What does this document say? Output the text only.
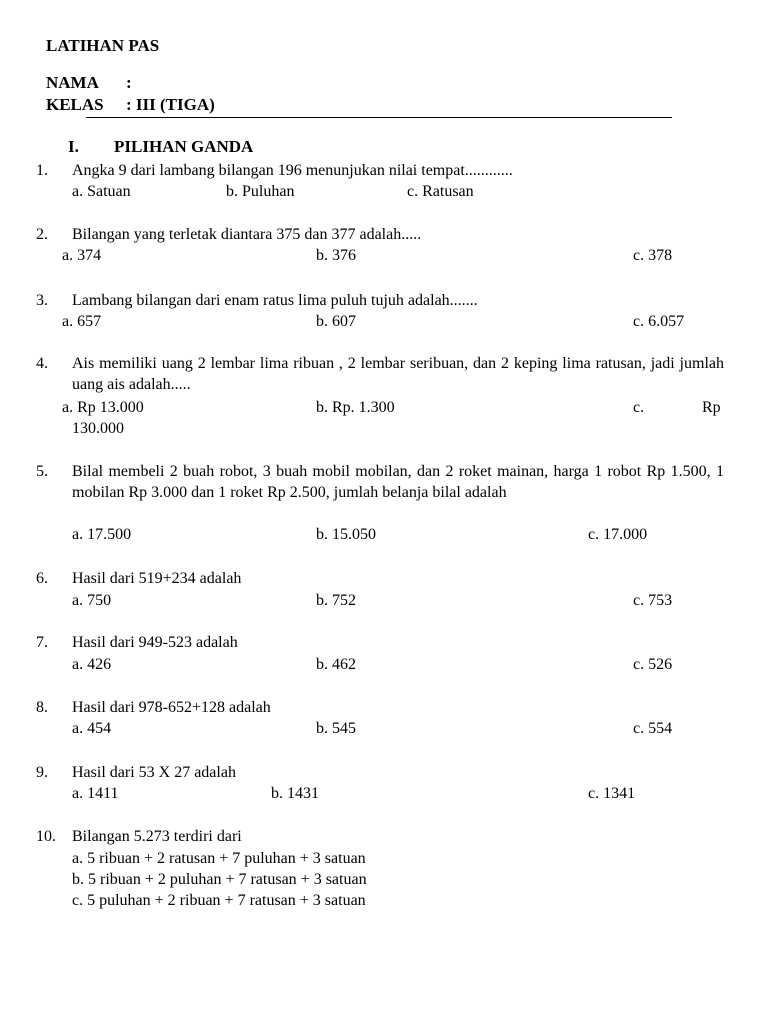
LATIHAN PAS
NAMA :
KELAS : III (TIGA)
I. PILIHAN GANDA
1. Angka 9 dari lambang bilangan 196 menunjukan nilai tempat............
a. Satuan	b. Puluhan	c. Ratusan
2. Bilangan yang terletak diantara 375 dan 377 adalah.....
a. 374	b. 376	c. 378
3. Lambang bilangan dari enam ratus lima puluh tujuh adalah.......
a. 657	b. 607	c. 6.057
4. Ais memiliki uang 2 lembar lima ribuan , 2 lembar seribuan, dan 2 keping lima ratusan, jadi jumlah uang ais adalah.....
a. Rp 13.000	b. Rp. 1.300	c.	Rp
130.000
5. Bilal membeli 2 buah robot, 3 buah mobil mobilan, dan 2 roket mainan, harga 1 robot Rp 1.500, 1 mobilan Rp 3.000 dan 1 roket Rp 2.500, jumlah belanja bilal adalah
a. 17.500	b. 15.050	c. 17.000
6. Hasil dari 519+234 adalah
a. 750	b. 752	c. 753
7. Hasil dari 949-523 adalah
a. 426	b. 462	c. 526
8. Hasil dari 978-652+128 adalah
a. 454	b. 545	c. 554
9. Hasil dari 53 X 27 adalah
a. 1411	b. 1431	c. 1341
10. Bilangan 5.273 terdiri dari
a. 5 ribuan + 2 ratusan + 7 puluhan + 3 satuan
b. 5 ribuan + 2 puluhan + 7 ratusan + 3 satuan
c. 5 puluhan + 2 ribuan + 7 ratusan + 3 satuan
